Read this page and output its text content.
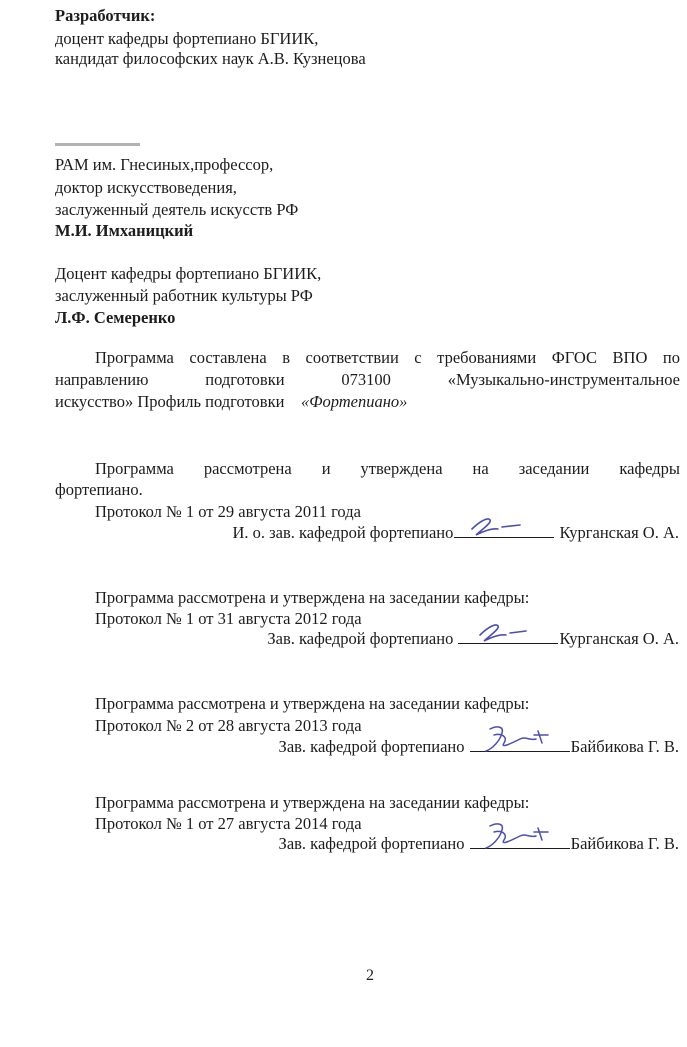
Разработчик:
доцент кафедры фортепиано БГИИК,
кандидат философских наук А.В. Кузнецова
РАМ им. Гнесиных,профессор,
доктор искусствоведения,
заслуженный деятель искусств РФ
М.И. Имханицкий
Доцент кафедры фортепиано БГИИК,
заслуженный работник культуры РФ
Л.Ф. Семеренко
Программа составлена в соответствии с требованиями ФГОС ВПО по
направлению подготовки 073100 «Музыкально-инструментальное
искусство» Профиль подготовки «Фортепиано»
Программа рассмотрена и утверждена на заседании кафедры
фортепиано.
Протокол № 1 от 29 августа 2011 года
И. о. зав. кафедрой фортепиано	Курганская О. А.
Программа рассмотрена и утверждена на заседании кафедры:
Протокол № 1 от 31 августа 2012 года
Зав. кафедрой фортепиано	Курганская О. А.
Программа рассмотрена и утверждена на заседании кафедры:
Протокол № 2 от 28 августа 2013 года
Зав. кафедрой фортепиано	Байбикова Г. В.
Программа рассмотрена и утверждена на заседании кафедры:
Протокол № 1 от 27 августа 2014 года
Зав. кафедрой фортепиано	Байбикова Г. В.
2
